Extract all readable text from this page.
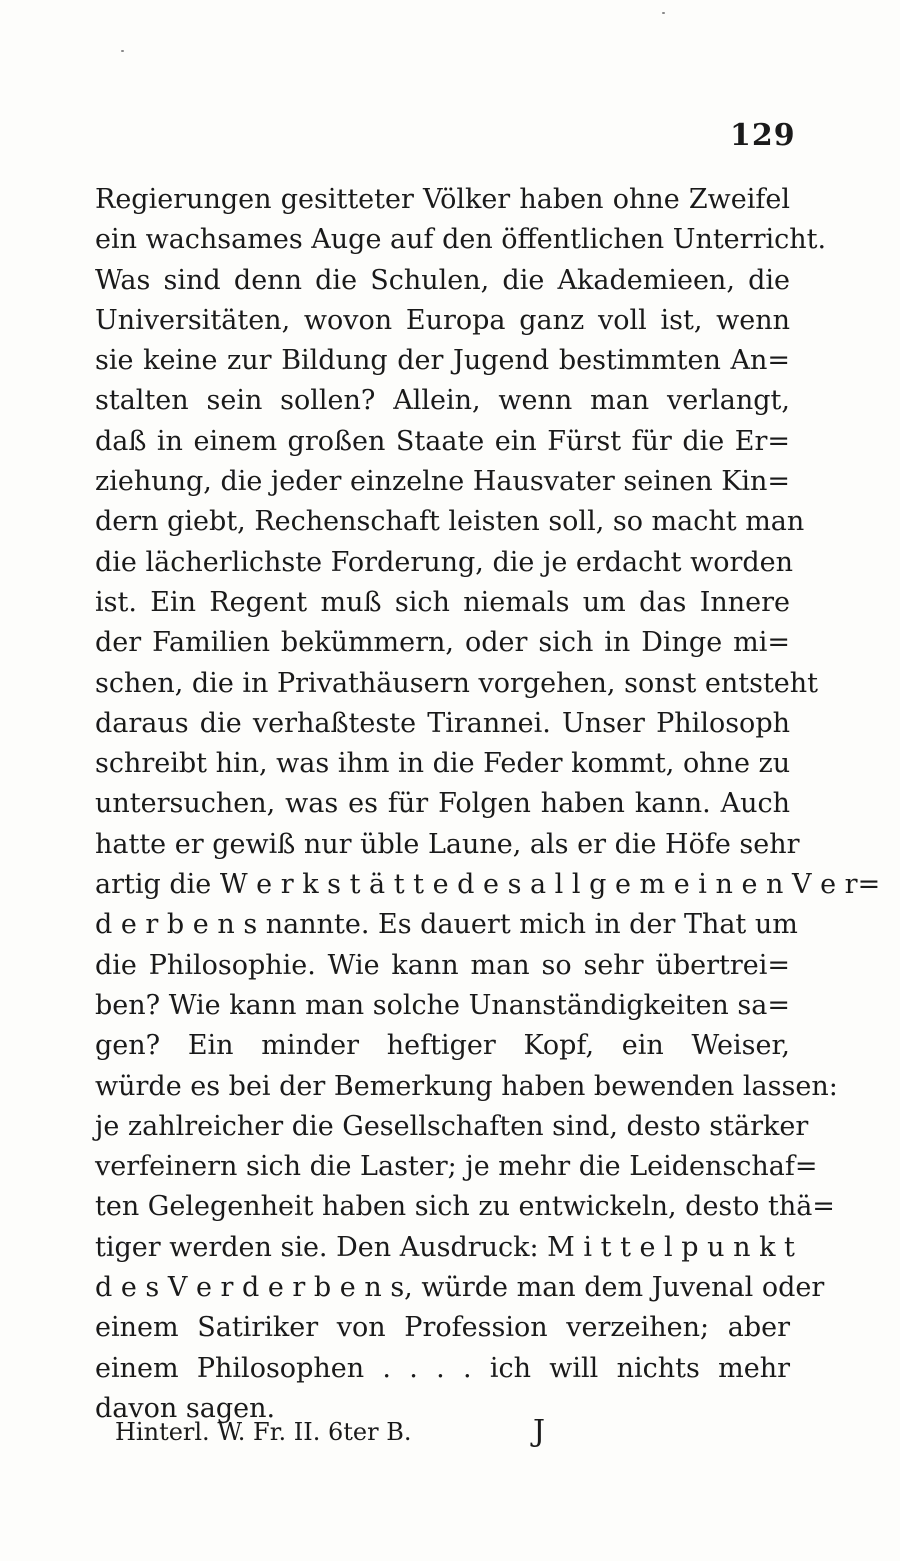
129
Regierungen gesitteter Völker haben ohne Zweifel
ein wachsames Auge auf den öffentlichen Unterricht.
Was sind denn die Schulen, die Akademieen, die
Universitäten, wovon Europa ganz voll ist, wenn
sie keine zur Bildung der Jugend bestimmten An=
stalten sein sollen? Allein, wenn man verlangt,
daß in einem großen Staate ein Fürst für die Er=
ziehung, die jeder einzelne Hausvater seinen Kin=
dern giebt, Rechenschaft leisten soll, so macht man
die lächerlichste Forderung, die je erdacht worden
ist. Ein Regent muß sich niemals um das Innere
der Familien bekümmern, oder sich in Dinge mi=
schen, die in Privathäusern vorgehen, sonst entsteht
daraus die verhaßteste Tirannei. Unser Philosoph
schreibt hin, was ihm in die Feder kommt, ohne zu
untersuchen, was es für Folgen haben kann. Auch
hatte er gewiß nur üble Laune, als er die Höfe sehr
artig die W e r k s t ä t t e d e s a l l g e m e i n e n V e r=
d e r b e n s nannte. Es dauert mich in der That um
die Philosophie. Wie kann man so sehr übertrei=
ben? Wie kann man solche Unanständigkeiten sa=
gen? Ein minder heftiger Kopf, ein Weiser,
würde es bei der Bemerkung haben bewenden lassen:
je zahlreicher die Gesellschaften sind, desto stärker
verfeinern sich die Laster; je mehr die Leidenschaf=
ten Gelegenheit haben sich zu entwickeln, desto thä=
tiger werden sie. Den Ausdruck: M i t t e l p u n k t
d e s V e r d e r b e n s, würde man dem Juvenal oder
einem Satiriker von Profession verzeihen; aber
einem Philosophen . . . . ich will nichts mehr
davon sagen.
Hinterl. W. Fr. II. 6ter B.	J
